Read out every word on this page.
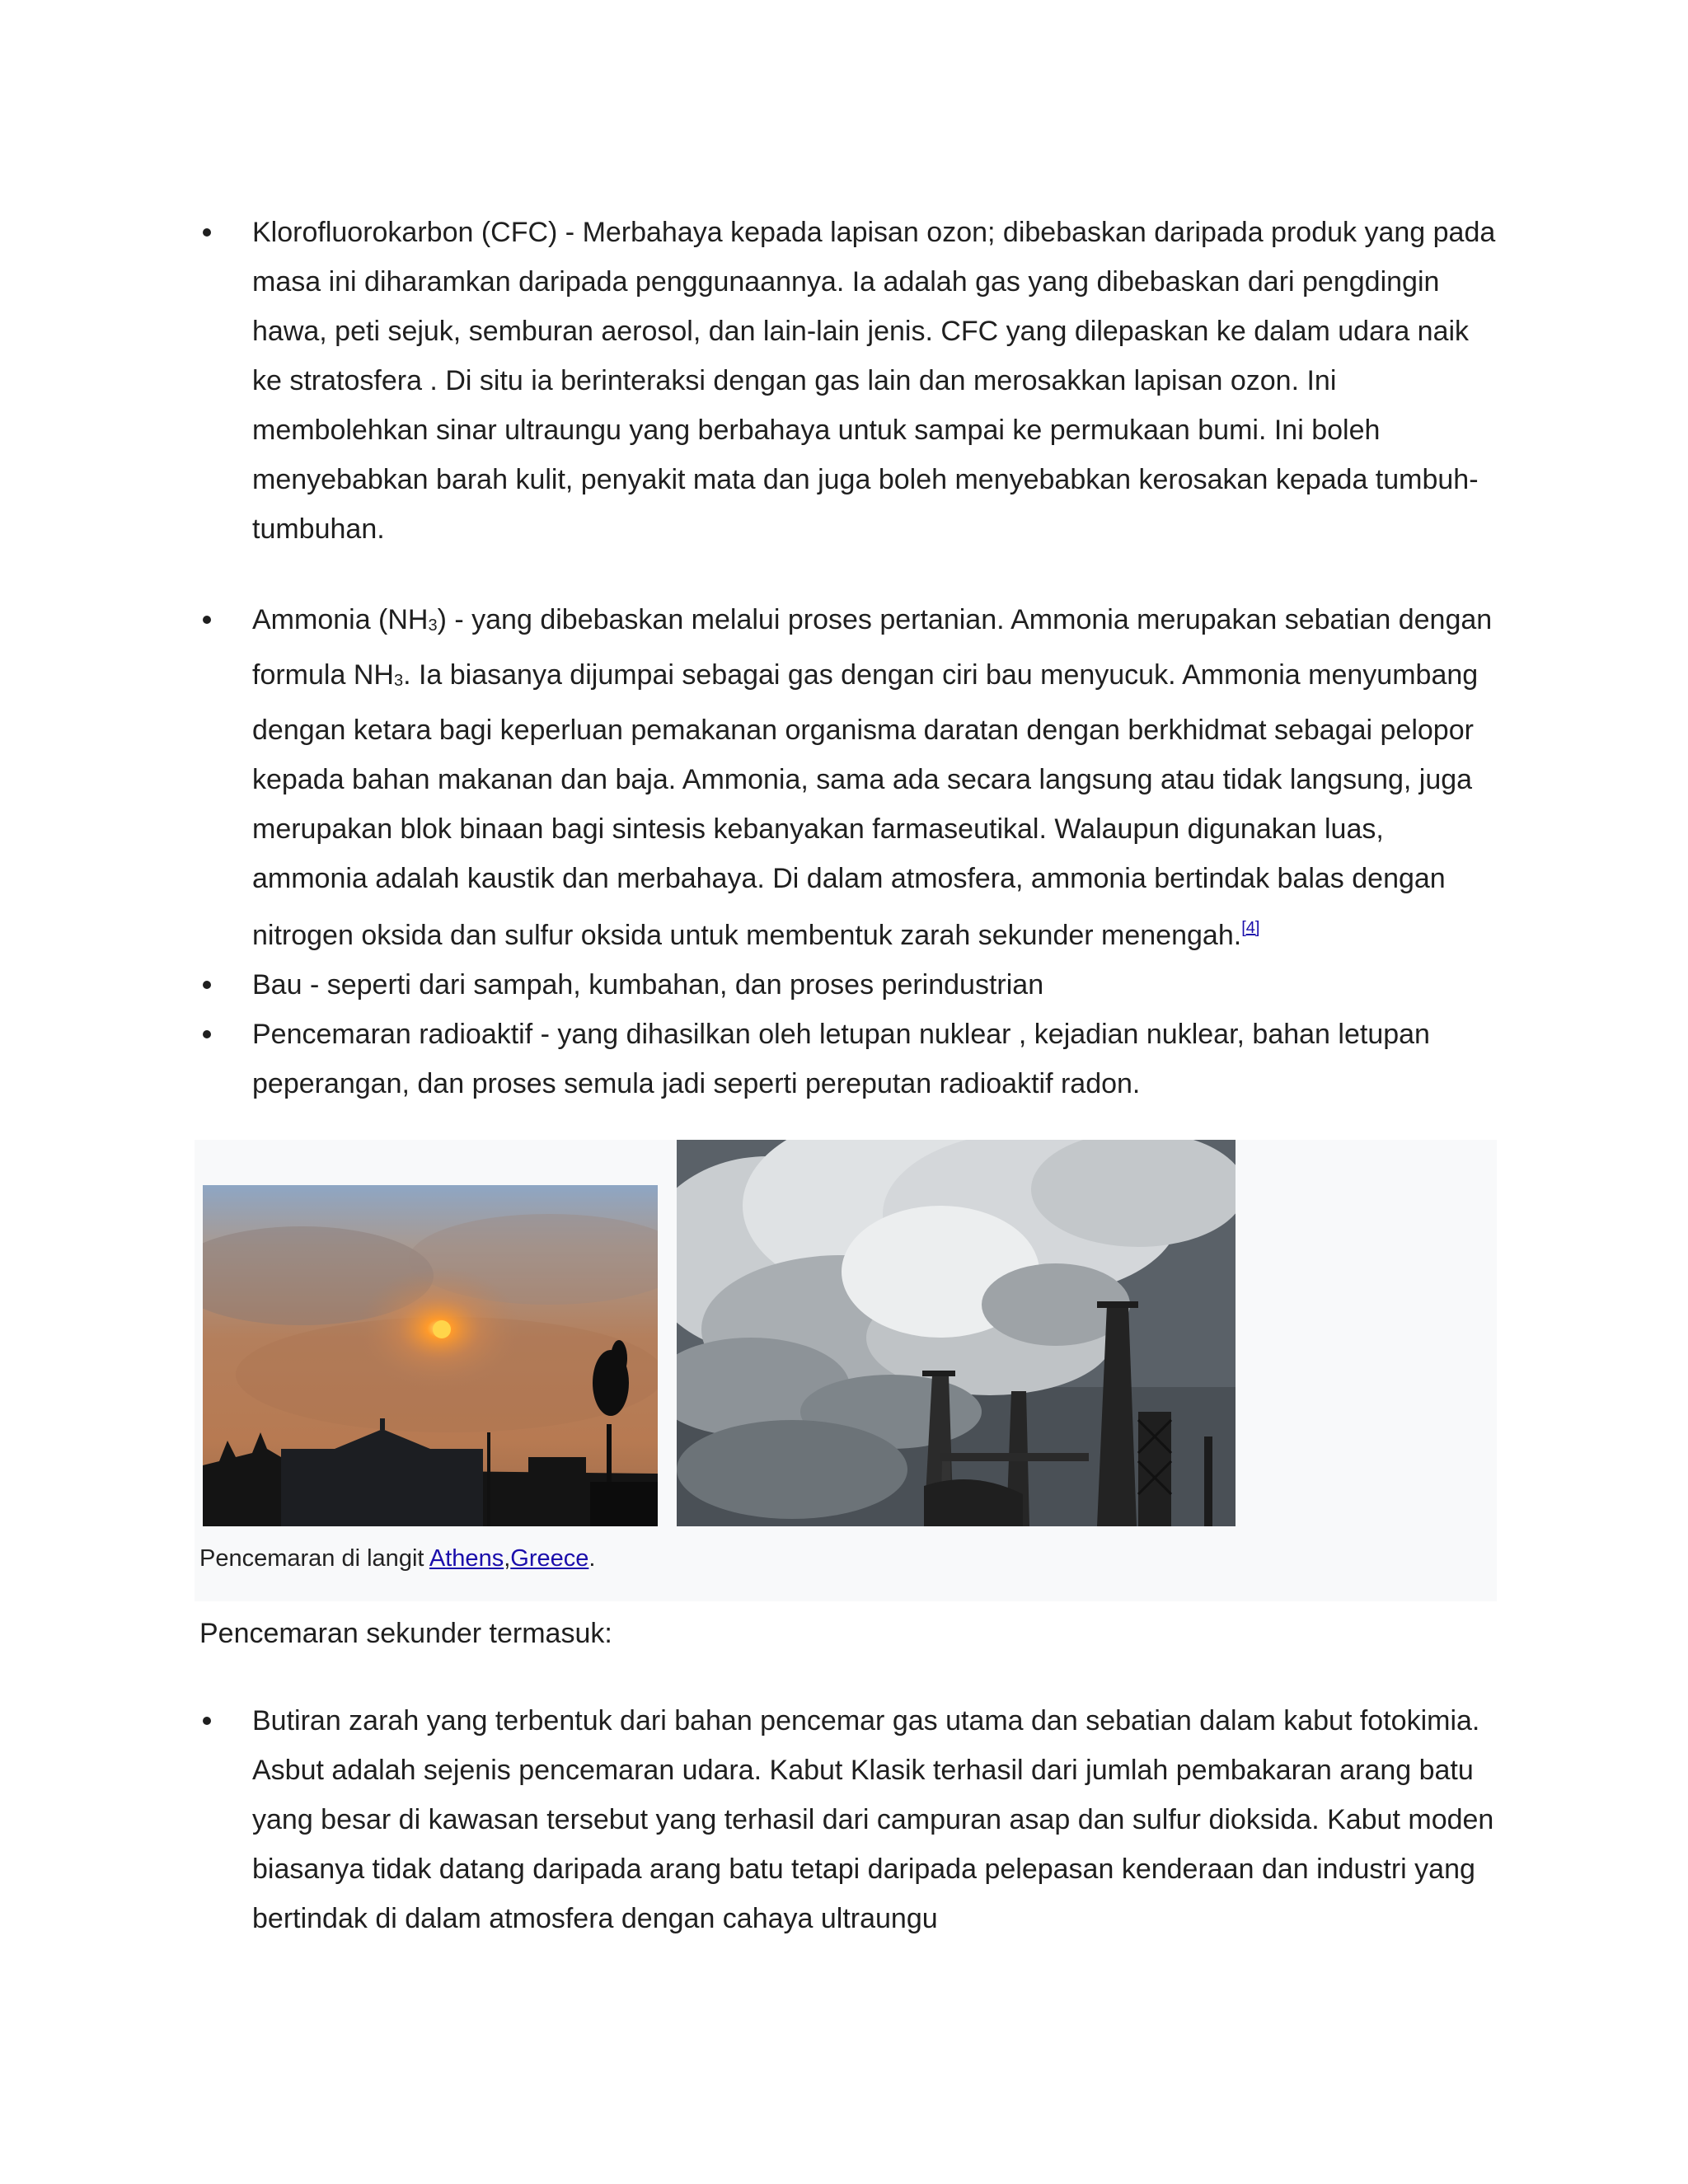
Klorofluorokarbon (CFC) - Merbahaya kepada lapisan ozon; dibebaskan daripada produk yang pada masa ini diharamkan daripada penggunaannya. Ia adalah gas yang dibebaskan dari pengdingin hawa, peti sejuk, semburan aerosol, dan lain-lain jenis. CFC yang dilepaskan ke dalam udara naik ke stratosfera . Di situ ia berinteraksi dengan gas lain dan merosakkan lapisan ozon. Ini membolehkan sinar ultraungu yang berbahaya untuk sampai ke permukaan bumi. Ini boleh menyebabkan barah kulit, penyakit mata dan juga boleh menyebabkan kerosakan kepada tumbuh-tumbuhan.
Ammonia $(NH_3)$ - yang dibebaskan melalui proses pertanian. Ammonia merupakan sebatian dengan formula $NH_3$. Ia biasanya dijumpai sebagai gas dengan ciri bau menyucuk. Ammonia menyumbang dengan ketara bagi keperluan pemakanan organisma daratan dengan berkhidmat sebagai pelopor kepada bahan makanan dan baja. Ammonia, sama ada secara langsung atau tidak langsung, juga merupakan blok binaan bagi sintesis kebanyakan farmaseutikal. Walaupun digunakan luas, ammonia adalah kaustik dan merbahaya. Di dalam atmosfera, ammonia bertindak balas dengan nitrogen oksida dan sulfur oksida untuk membentuk zarah sekunder menengah.[4]
Bau - seperti dari sampah, kumbahan, dan proses perindustrian
Pencemaran radioaktif - yang dihasilkan oleh letupan nuklear , kejadian nuklear, bahan letupan peperangan, dan proses semula jadi seperti pereputan radioaktif radon.
Pencemaran di langit Athens,Greece.
Pencemaran sekunder termasuk:
Butiran zarah yang terbentuk dari bahan pencemar gas utama dan sebatian dalam kabut fotokimia. Asbut adalah sejenis pencemaran udara. Kabut Klasik terhasil dari jumlah pembakaran arang batu yang besar di kawasan tersebut yang terhasil dari campuran asap dan sulfur dioksida. Kabut moden biasanya tidak datang daripada arang batu tetapi daripada pelepasan kenderaan dan industri yang bertindak di dalam atmosfera dengan cahaya ultraungu
